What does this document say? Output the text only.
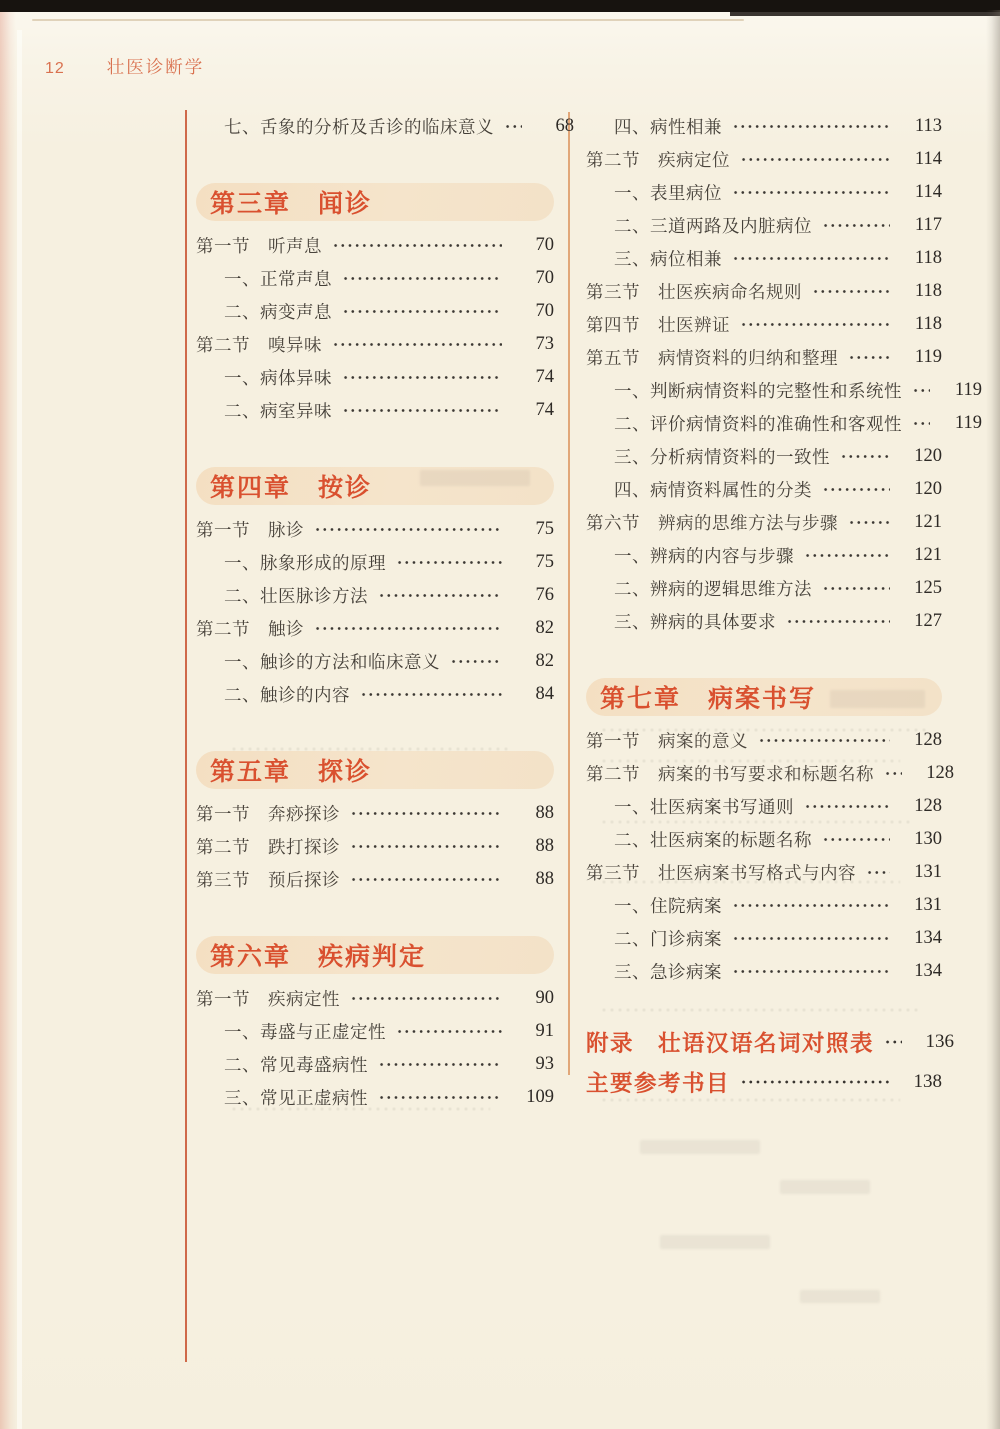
12 壮医诊断学
七、舌象的分析及舌诊的临床意义	68
第三章　闻诊
第一节　听声息	70
一、正常声息	70
二、病变声息	70
第二节　嗅异味	73
一、病体异味	74
二、病室异味	74
第四章　按诊
第一节　脉诊	75
一、脉象形成的原理	75
二、壮医脉诊方法	76
第二节　触诊	82
一、触诊的方法和临床意义	82
二、触诊的内容	84
第五章　探诊
第一节　奔痧探诊	88
第二节　跌打探诊	88
第三节　预后探诊	88
第六章　疾病判定
第一节　疾病定性	90
一、毒盛与正虚定性	91
二、常见毒盛病性	93
三、常见正虚病性	109
四、病性相兼	113
第二节　疾病定位	114
一、表里病位	114
二、三道两路及内脏病位	117
三、病位相兼	118
第三节　壮医疾病命名规则	118
第四节　壮医辨证	118
第五节　病情资料的归纳和整理	119
一、判断病情资料的完整性和系统性	119
二、评价病情资料的准确性和客观性	119
三、分析病情资料的一致性	120
四、病情资料属性的分类	120
第六节　辨病的思维方法与步骤	121
一、辨病的内容与步骤	121
二、辨病的逻辑思维方法	125
三、辨病的具体要求	127
第七章　病案书写
第一节　病案的意义	128
第二节　病案的书写要求和标题名称	128
一、壮医病案书写通则	128
二、壮医病案的标题名称	130
第三节　壮医病案书写格式与内容	131
一、住院病案	131
二、门诊病案	134
三、急诊病案	134
附录　壮语汉语名词对照表	136
主要参考书目	138
